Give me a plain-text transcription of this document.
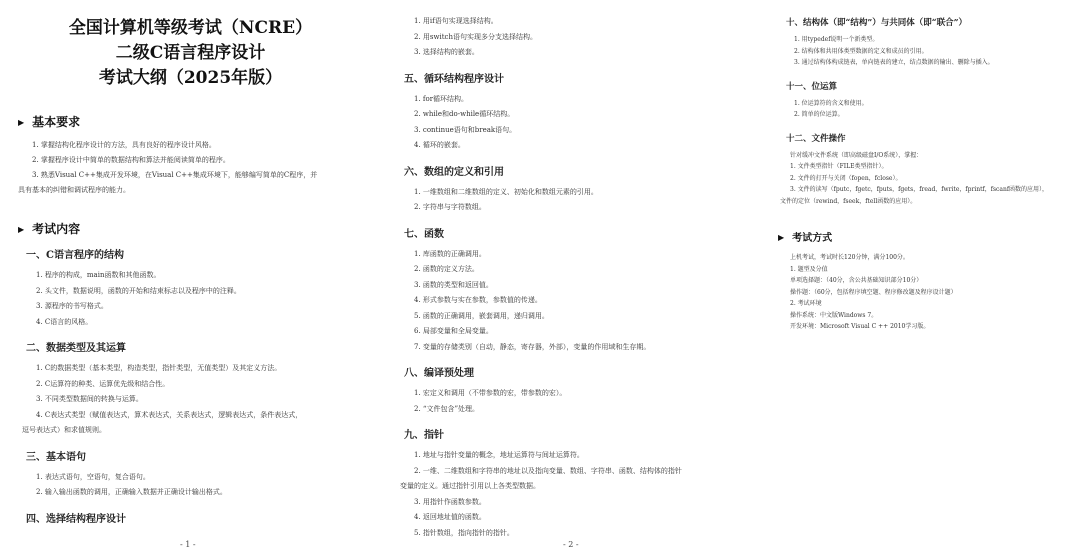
全国计算机等级考试（NCRE）
二级C语言程序设计
考试大纲（2025年版）
▶ 基本要求
1. 掌握结构化程序设计的方法，具有良好的程序设计风格。
2. 掌握程序设计中简单的数据结构和算法并能阅读简单的程序。
3. 熟悉Visual C++集成开发环境，在Visual C++集成环境下，能够编写简单的C程序，并
具有基本的纠错和调试程序的能力。
▶ 考试内容
一、C语言程序的结构
1. 程序的构成，main函数和其他函数。
2. 头文件，数据说明，函数的开始和结束标志以及程序中的注释。
3. 源程序的书写格式。
4. C语言的风格。
二、数据类型及其运算
1. C的数据类型（基本类型，构造类型，指针类型，无值类型）及其定义方法。
2. C运算符的种类、运算优先级和结合性。
3. 不同类型数据间的转换与运算。
4. C表达式类型（赋值表达式，算术表达式，关系表达式，逻辑表达式，条件表达式，
逗号表达式）和求值规则。
三、基本语句
1. 表达式语句，空语句，复合语句。
2. 输入输出函数的调用，正确输入数据并正确设计输出格式。
四、选择结构程序设计
- 1 -
1. 用if语句实现选择结构。
2. 用switch语句实现多分支选择结构。
3. 选择结构的嵌套。
五、循环结构程序设计
1. for循环结构。
2. while和do-while循环结构。
3. continue语句和break语句。
4. 循环的嵌套。
六、数组的定义和引用
1. 一维数组和二维数组的定义、初始化和数组元素的引用。
2. 字符串与字符数组。
七、函数
1. 库函数的正确调用。
2. 函数的定义方法。
3. 函数的类型和返回值。
4. 形式参数与实在参数，参数值的传递。
5. 函数的正确调用，嵌套调用，递归调用。
6. 局部变量和全局变量。
7. 变量的存储类别（自动，静态，寄存器，外部），变量的作用域和生存期。
八、编译预处理
1. 宏定义和调用（不带参数的宏，带参数的宏）。
2. “文件包含”处理。
九、指针
1. 地址与指针变量的概念，地址运算符与间址运算符。
2. 一维、二维数组和字符串的地址以及指向变量、数组、字符串、函数、结构体的指针
变量的定义。通过指针引用以上各类型数据。
3. 用指针作函数参数。
4. 返回地址值的函数。
5. 指针数组，指向指针的指针。
- 2 -
十、结构体（即“结构”）与共同体（即“联合”）
1. 用typedef说明一个新类型。
2. 结构体和共用体类型数据的定义和成员的引用。
3. 通过结构体构成链表，单向链表的建立，结点数据的输出、删除与插入。
十一、位运算
1. 位运算符的含义和使用。
2. 简单的位运算。
十二、文件操作
针对缓冲文件系统（即高级磁盘I/O系统），掌握：
1. 文件类型指针（FILE类型指针）。
2. 文件的打开与关闭（fopen，fclose）。
3. 文件的读写（fputc，fgetc，fputs，fgets，fread，fwrite，fprintf，fscanf函数的应用），
文件的定位（rewind，fseek，ftell函数的应用）。
▶ 考试方式
上机考试，考试时长120分钟，满分100分。
1. 题型及分值
单项选择题：（40分，含公共基础知识部分10分）
操作题：（60分，包括程序填空题、程序修改题及程序设计题）
2. 考试环境
操作系统：中文版Windows 7。
开发环境：Microsoft Visual C ++ 2010学习版。
